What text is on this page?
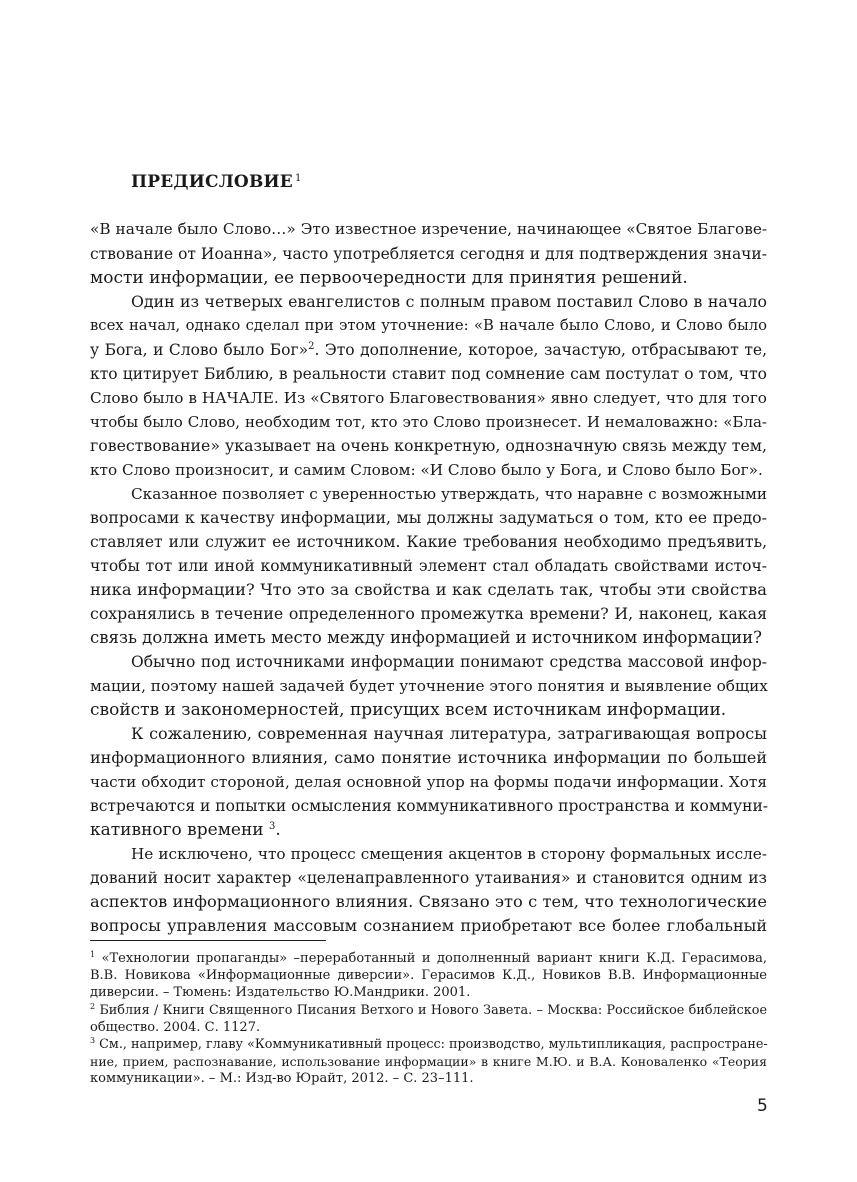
ПРЕДИСЛОВИЕ $^1$
«В начале было Слово…» Это известное изречение, начинающее «Святое Благове-
ствование от Иоанна», часто употребляется сегодня и для подтверждения значи-
мости информации, ее первоочередности для принятия решений.
Один из четверых евангелистов с полным правом поставил Слово в начало
всех начал, однако сделал при этом уточнение: «В начале было Слово, и Слово было
у Бога, и Слово было Бог»$^2$. Это дополнение, которое, зачастую, отбрасывают те,
кто цитирует Библию, в реальности ставит под сомнение сам постулат о том, что
Слово было в НАЧАЛЕ. Из «Святого Благовествования» явно следует, что для того
чтобы было Слово, необходим тот, кто это Слово произнесет. И немаловажно: «Бла-
говествование» указывает на очень конкретную, однозначную связь между тем,
кто Слово произносит, и самим Словом: «И Слово было у Бога, и Слово было Бог».
Сказанное позволяет с уверенностью утверждать, что наравне с возможными
вопросами к качеству информации, мы должны задуматься о том, кто ее предо-
ставляет или служит ее источником. Какие требования необходимо предъявить,
чтобы тот или иной коммуникативный элемент стал обладать свойствами источ-
ника информации? Что это за свойства и как сделать так, чтобы эти свойства
сохранялись в течение определенного промежутка времени? И, наконец, какая
связь должна иметь место между информацией и источником информации?
Обычно под источниками информации понимают средства массовой инфор-
мации, поэтому нашей задачей будет уточнение этого понятия и выявление общих
свойств и закономерностей, присущих всем источникам информации.
К сожалению, современная научная литература, затрагивающая вопросы
информационного влияния, само понятие источника информации по большей
части обходит стороной, делая основной упор на формы подачи информации. Хотя
встречаются и попытки осмысления коммуникативного пространства и коммуни-
кативного времени $^3$.
Не исключено, что процесс смещения акцентов в сторону формальных иссле-
дований носит характер «целенаправленного утаивания» и становится одним из
аспектов информационного влияния. Связано это с тем, что технологические
вопросы управления массовым сознанием приобретают все более глобальный
$^1$ «Технологии пропаганды» –переработанный и дополненный вариант книги К.Д. Герасимова,
В.В. Новикова «Информационные диверсии». Герасимов К.Д., Новиков В.В. Информационные
диверсии. – Тюмень: Издательство Ю.Мандрики. 2001.
$^2$ Библия / Книги Священного Писания Ветхого и Нового Завета. – Москва: Российское библейское
общество. 2004. С. 1127.
$^3$ См., например, главу «Коммуникативный процесс: производство, мультипликация, распростране-
ние, прием, распознавание, использование информации» в книге М.Ю. и В.А. Коноваленко «Теория
коммуникации». – М.: Изд-во Юрайт, 2012. – С. 23–111.
5
